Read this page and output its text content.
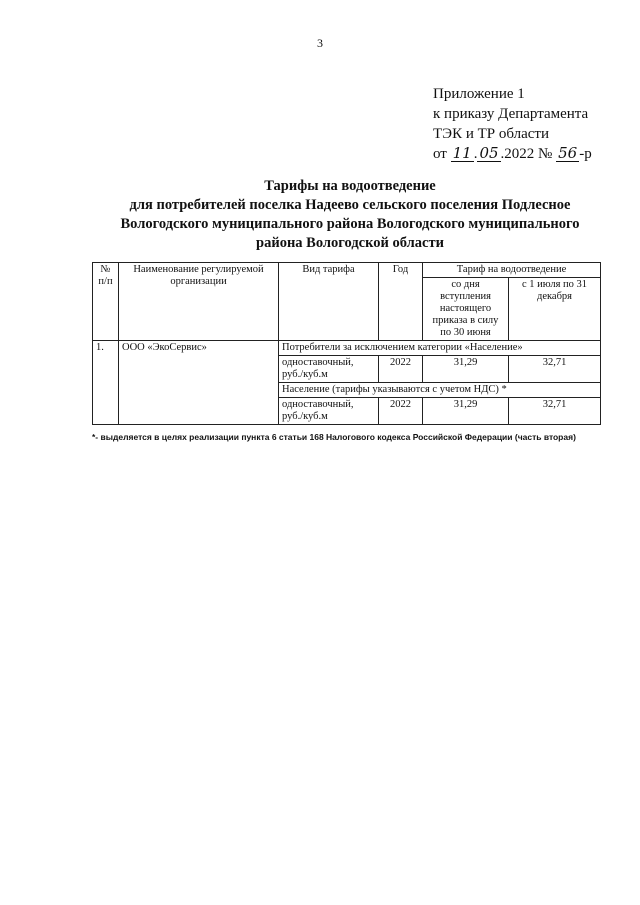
3
Приложение 1
к приказу Департамента
ТЭК и ТР области
от 11 . 05 .2022 № 56 -р
Тарифы на водоотведение
для потребителей поселка Надеево сельского поселения Подлесное
Вологодского муниципального района Вологодского муниципального
района Вологодской области
№ п/п	Наименование регулируемой организации	Вид тарифа	Год	Тариф на водоотведение	
				со дня вступления настоящего приказа в силу по 30 июня	с 1 июля по 31 декабря
1.	ООО «ЭкоСервис»	Потребители за исключением категории «Население»			
		одноставочный, руб./куб.м	2022	31,29	32,71
		Население (тарифы указываются с учетом НДС) *			
		одноставочный, руб./куб.м	2022	31,29	32,71
*- выделяется в целях реализации пункта 6 статьи 168 Налогового кодекса Российской Федерации (часть вторая)
